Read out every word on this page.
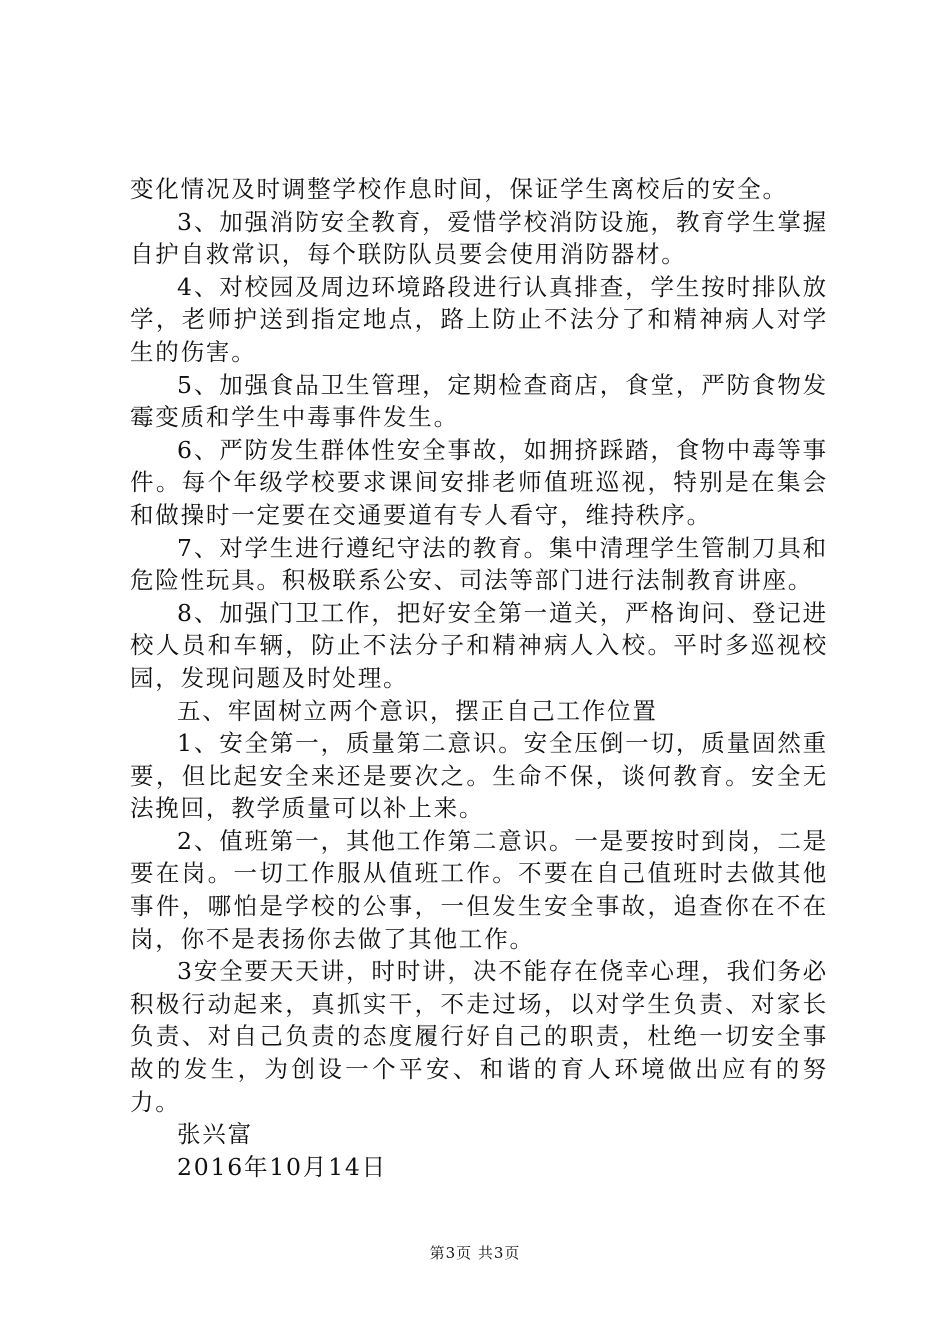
变化情况及时调整学校作息时间，保证学生离校后的安全。

3、加强消防安全教育，爱惜学校消防设施，教育学生掌握自护自救常识，每个联防队员要会使用消防器材。

4、对校园及周边环境路段进行认真排查，学生按时排队放学，老师护送到指定地点，路上防止不法分了和精神病人对学生的伤害。

5、加强食品卫生管理，定期检查商店，食堂，严防食物发霉变质和学生中毒事件发生。

6、严防发生群体性安全事故，如拥挤踩踏，食物中毒等事件。每个年级学校要求课间安排老师值班巡视，特别是在集会和做操时一定要在交通要道有专人看守，维持秩序。

7、对学生进行遵纪守法的教育。集中清理学生管制刀具和危险性玩具。积极联系公安、司法等部门进行法制教育讲座。

8、加强门卫工作，把好安全第一道关，严格询问、登记进校人员和车辆，防止不法分子和精神病人入校。平时多巡视校园，发现问题及时处理。

五、牢固树立两个意识，摆正自己工作位置

1、安全第一，质量第二意识。安全压倒一切，质量固然重要，但比起安全来还是要次之。生命不保，谈何教育。安全无法挽回，教学质量可以补上来。

2、值班第一，其他工作第二意识。一是要按时到岗，二是要在岗。一切工作服从值班工作。不要在自己值班时去做其他事件，哪怕是学校的公事，一但发生安全事故，追查你在不在岗，你不是表扬你去做了其他工作。

3安全要天天讲，时时讲，决不能存在侥幸心理，我们务必积极行动起来，真抓实干，不走过场，以对学生负责、对家长负责、对自己负责的态度履行好自己的职责，杜绝一切安全事故的发生，为创设一个平安、和谐的育人环境做出应有的努力。

张兴富

2016年10月14日

第3页 共3页
